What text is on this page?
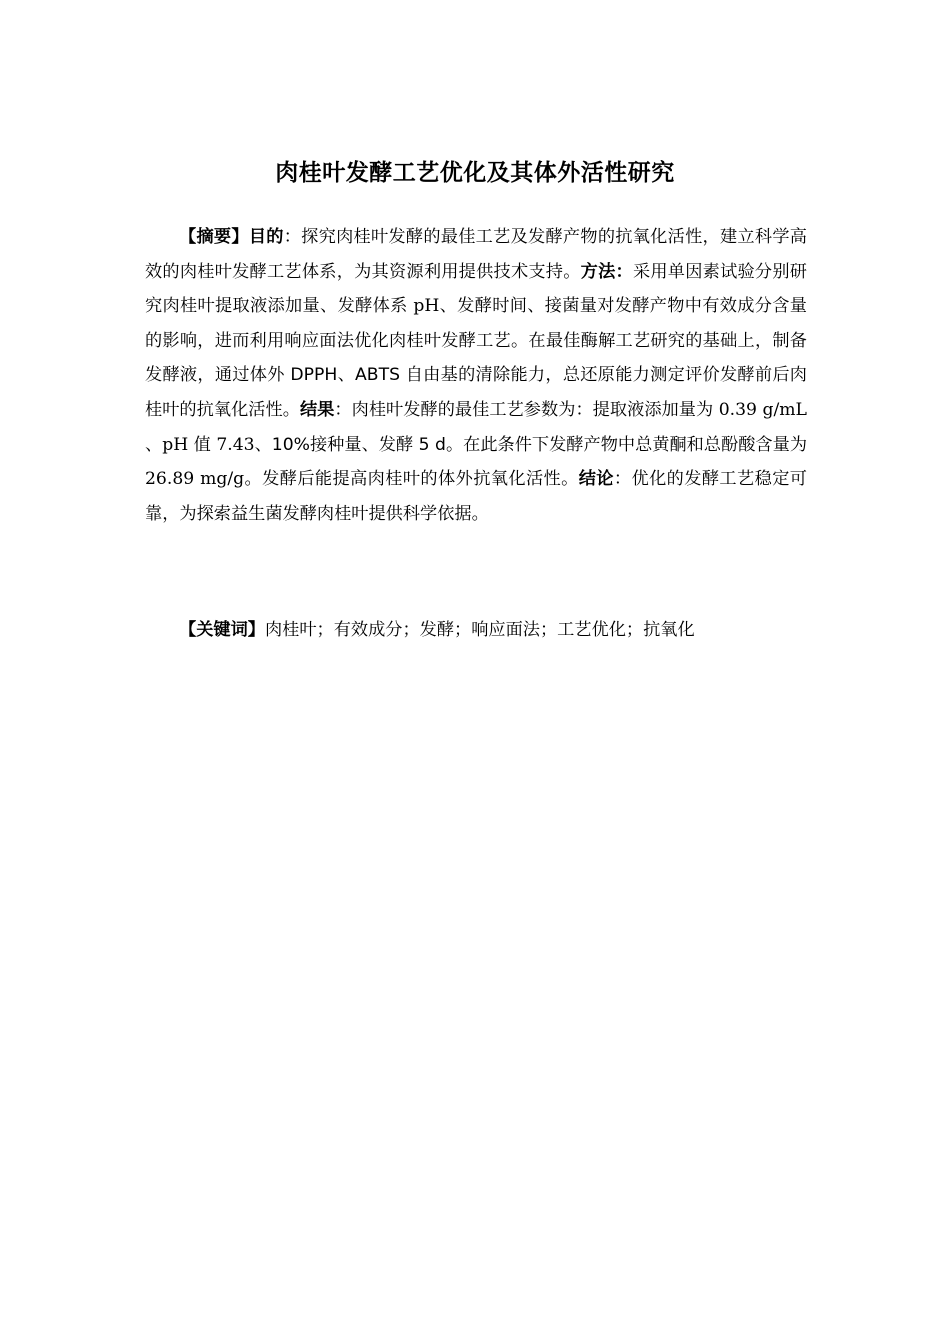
肉桂叶发酵工艺优化及其体外活性研究
【摘要】目的：探究肉桂叶发酵的最佳工艺及发酵产物的抗氧化活性，建立科学高效的肉桂叶发酵工艺体系，为其资源利用提供技术支持。方法：采用单因素试验分别研究肉桂叶提取液添加量、发酵体系 pH、发酵时间、接菌量对发酵产物中有效成分含量的影响，进而利用响应面法优化肉桂叶发酵工艺。在最佳酶解工艺研究的基础上，制备发酵液，通过体外 DPPH、ABTS 自由基的清除能力，总还原能力测定评价发酵前后肉桂叶的抗氧化活性。结果：肉桂叶发酵的最佳工艺参数为：提取液添加量为 0.39 g/mL 、pH 值 7.43、10%接种量、发酵 5 d。在此条件下发酵产物中总黄酮和总酚酸含量为 26.89 mg/g。发酵后能提高肉桂叶的体外抗氧化活性。结论：优化的发酵工艺稳定可靠，为探索益生菌发酵肉桂叶提供科学依据。
【关键词】肉桂叶；有效成分；发酵；响应面法；工艺优化；抗氧化
